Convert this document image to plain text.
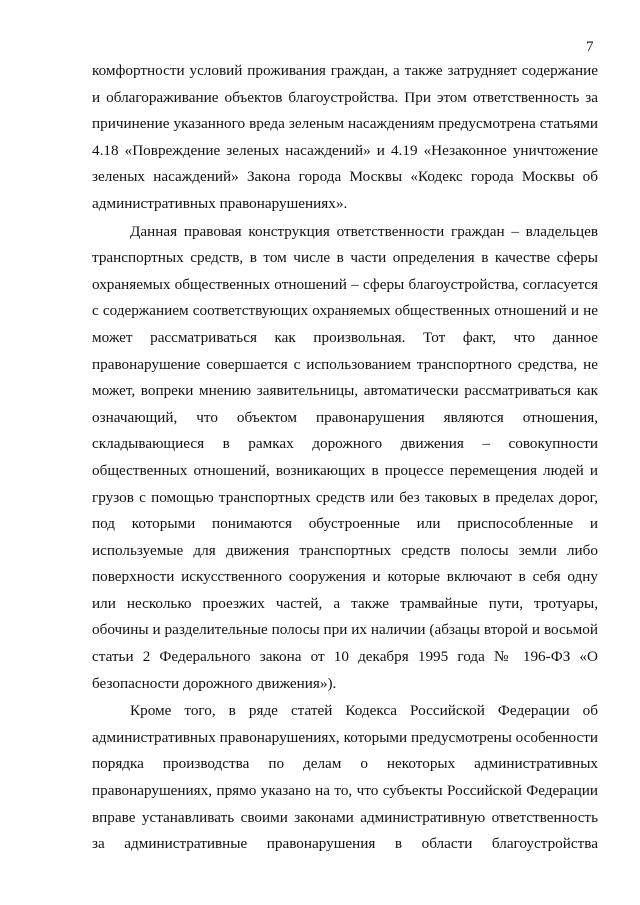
7
комфортности условий проживания граждан, а также затрудняет содержание
и облагораживание объектов благоустройства. При этом ответственность за
причинение указанного вреда зеленым насаждениям предусмотрена статьями
4.18 «Повреждение зеленых насаждений» и 4.19 «Незаконное уничтожение
зеленых насаждений» Закона города Москвы «Кодекс города Москвы об
административных правонарушениях».
Данная правовая конструкция ответственности граждан – владельцев
транспортных средств, в том числе в части определения в качестве сферы
охраняемых общественных отношений – сферы благоустройства, согласуется
с содержанием соответствующих охраняемых общественных отношений и не
может рассматриваться как произвольная. Тот факт, что данное
правонарушение совершается с использованием транспортного средства, не
может, вопреки мнению заявительницы, автоматически рассматриваться как
означающий, что объектом правонарушения являются отношения,
складывающиеся в рамках дорожного движения – совокупности
общественных отношений, возникающих в процессе перемещения людей и
грузов с помощью транспортных средств или без таковых в пределах дорог,
под которыми понимаются обустроенные или приспособленные и
используемые для движения транспортных средств полосы земли либо
поверхности искусственного сооружения и которые включают в себя одну
или несколько проезжих частей, а также трамвайные пути, тротуары,
обочины и разделительные полосы при их наличии (абзацы второй и восьмой
статьи 2 Федерального закона от 10 декабря 1995 года № 196-ФЗ «О
безопасности дорожного движения»).
Кроме того, в ряде статей Кодекса Российской Федерации об
административных правонарушениях, которыми предусмотрены особенности
порядка производства по делам о некоторых административных
правонарушениях, прямо указано на то, что субъекты Российской Федерации
вправе устанавливать своими законами административную ответственность
за административные правонарушения в области благоустройства
